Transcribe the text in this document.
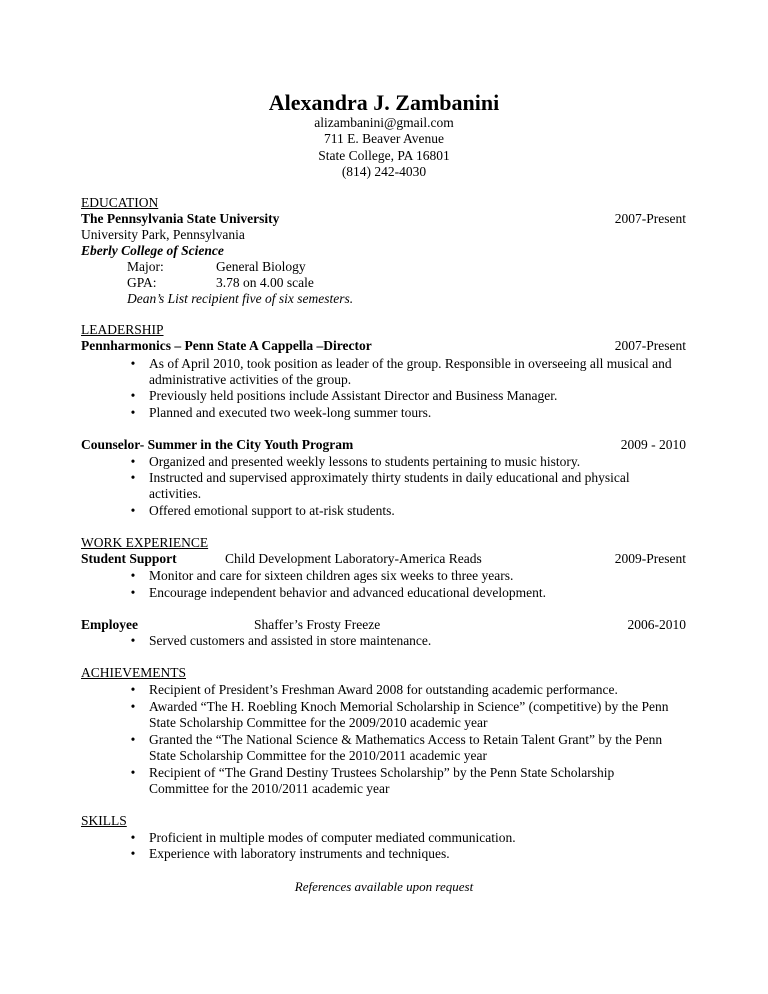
Alexandra J. Zambanini
alizambanini@gmail.com
711 E. Beaver Avenue
State College, PA 16801
(814) 242-4030
EDUCATION
The Pennsylvania State University	2007-Present
University Park, Pennsylvania
Eberly College of Science
Major:	General Biology
GPA:	3.78 on 4.00 scale
Dean’s List recipient five of six semesters.
LEADERSHIP
Pennharmonics – Penn State A Cappella –Director	2007-Present
• As of April 2010, took position as leader of the group. Responsible in overseeing all musical and administrative activities of the group.
• Previously held positions include Assistant Director and Business Manager.
• Planned and executed two week-long summer tours.
Counselor- Summer in the City Youth Program	2009 - 2010
• Organized and presented weekly lessons to students pertaining to music history.
• Instructed and supervised approximately thirty students in daily educational and physical activities.
• Offered emotional support to at-risk students.
WORK EXPERIENCE
Student Support	Child Development Laboratory-America Reads	2009-Present
• Monitor and care for sixteen children ages six weeks to three years.
• Encourage independent behavior and advanced educational development.
Employee	Shaffer’s Frosty Freeze	2006-2010
• Served customers and assisted in store maintenance.
ACHIEVEMENTS
• Recipient of President’s Freshman Award 2008 for outstanding academic performance.
• Awarded “The H. Roebling Knoch Memorial Scholarship in Science” (competitive) by the Penn State Scholarship Committee for the 2009/2010 academic year
• Granted the “The National Science & Mathematics Access to Retain Talent Grant” by the Penn State Scholarship Committee for the 2010/2011 academic year
• Recipient of “The Grand Destiny Trustees Scholarship” by the Penn State Scholarship Committee for the 2010/2011 academic year
SKILLS
• Proficient in multiple modes of computer mediated communication.
• Experience with laboratory instruments and techniques.
References available upon request
